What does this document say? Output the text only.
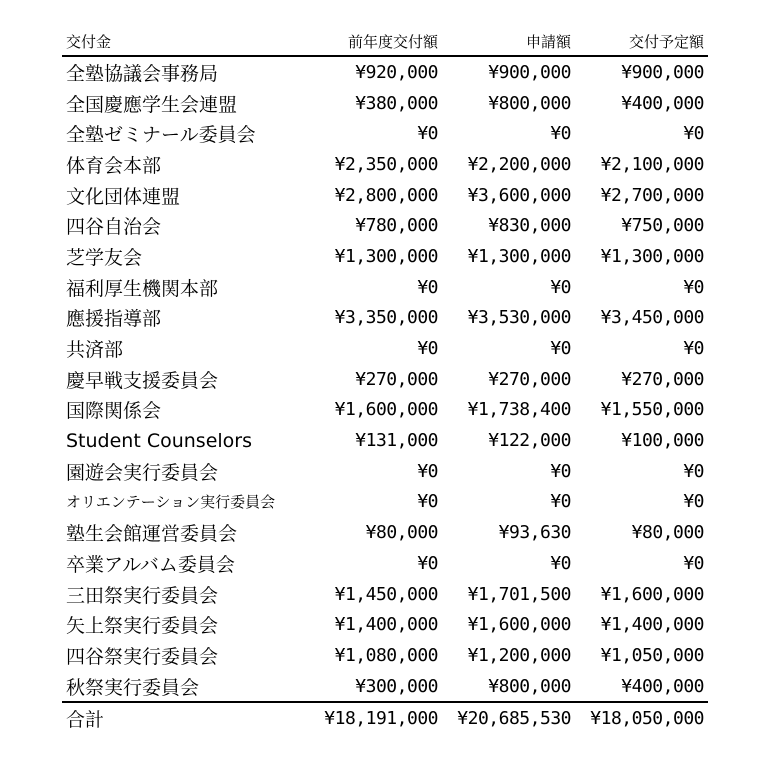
交付金	前年度交付額	申請額	交付予定額
全塾協議会事務局	¥920,000	¥900,000	¥900,000
全国慶應学生会連盟	¥380,000	¥800,000	¥400,000
全塾ゼミナール委員会	¥0	¥0	¥0
体育会本部	¥2,350,000	¥2,200,000	¥2,100,000
文化団体連盟	¥2,800,000	¥3,600,000	¥2,700,000
四谷自治会	¥780,000	¥830,000	¥750,000
芝学友会	¥1,300,000	¥1,300,000	¥1,300,000
福利厚生機関本部	¥0	¥0	¥0
應援指導部	¥3,350,000	¥3,530,000	¥3,450,000
共済部	¥0	¥0	¥0
慶早戦支援委員会	¥270,000	¥270,000	¥270,000
国際関係会	¥1,600,000	¥1,738,400	¥1,550,000
Student Counselors	¥131,000	¥122,000	¥100,000
園遊会実行委員会	¥0	¥0	¥0
オリエンテーション実行委員会	¥0	¥0	¥0
塾生会館運営委員会	¥80,000	¥93,630	¥80,000
卒業アルバム委員会	¥0	¥0	¥0
三田祭実行委員会	¥1,450,000	¥1,701,500	¥1,600,000
矢上祭実行委員会	¥1,400,000	¥1,600,000	¥1,400,000
四谷祭実行委員会	¥1,080,000	¥1,200,000	¥1,050,000
秋祭実行委員会	¥300,000	¥800,000	¥400,000
合計	¥18,191,000	¥20,685,530	¥18,050,000
